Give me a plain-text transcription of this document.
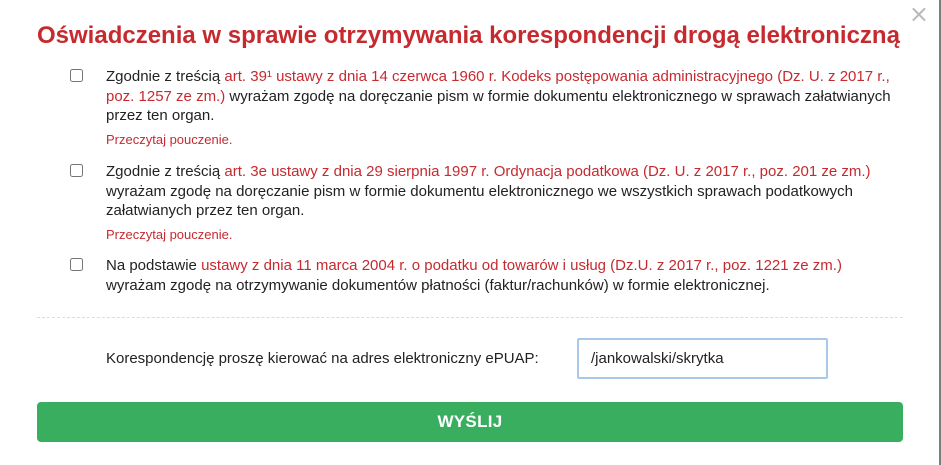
×
Oświadczenia w sprawie otrzymywania korespondencji drogą elektroniczną
Zgodnie z treścią art. 39¹ ustawy z dnia 14 czerwca 1960 r. Kodeks postępowania administracyjnego (Dz. U. z 2017 r., poz. 1257 ze zm.) wyrażam zgodę na doręczanie pism w formie dokumentu elektronicznego w sprawach załatwianych przez ten organ.
Przeczytaj pouczenie.
Zgodnie z treścią art. 3e ustawy z dnia 29 sierpnia 1997 r. Ordynacja podatkowa (Dz. U. z 2017 r., poz. 201 ze zm.) wyrażam zgodę na doręczanie pism w formie dokumentu elektronicznego we wszystkich sprawach podatkowych załatwianych przez ten organ.
Przeczytaj pouczenie.
Na podstawie ustawy z dnia 11 marca 2004 r. o podatku od towarów i usług (Dz.U. z 2017 r., poz. 1221 ze zm.) wyrażam zgodę na otrzymywanie dokumentów płatności (faktur/rachunków) w formie elektronicznej.
Korespondencję proszę kierować na adres elektroniczny ePUAP:
/jankowalski/skrytka
WYŚLIJ
